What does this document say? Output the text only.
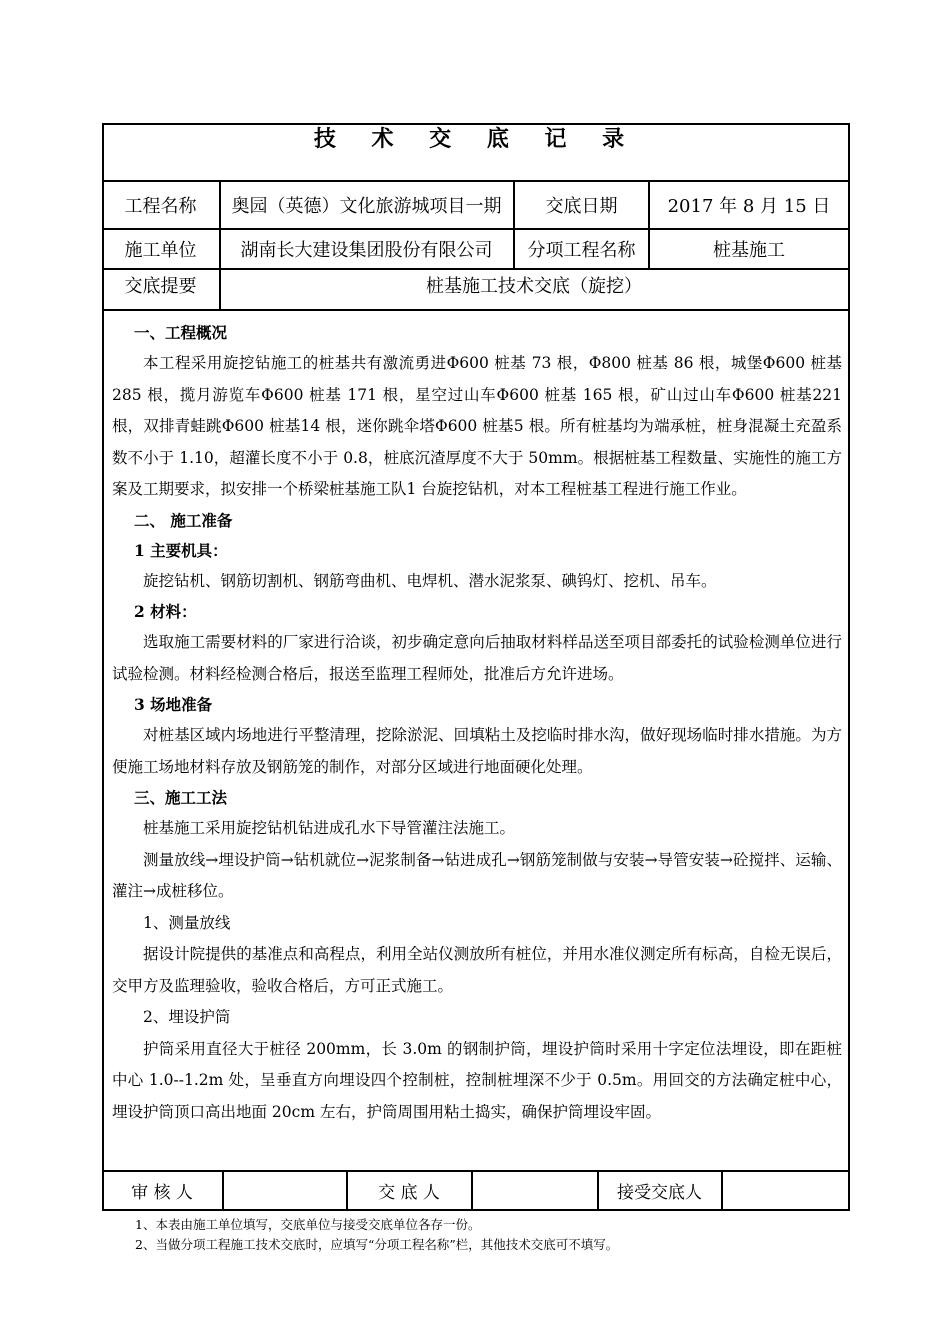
技 术 交 底 记 录
工程名称	奥园（英德）文化旅游城项目一期	交底日期	2017 年 8 月 15 日
施工单位	湖南长大建设集团股份有限公司	分项工程名称	桩基施工
交底提要	桩基施工技术交底（旋挖）

一、工程概况

本工程采用旋挖钻施工的桩基共有激流勇进Φ600 桩基 73 根，Φ800 桩基 86 根，城堡Φ600 桩基 285 根，揽月游览车Φ600 桩基 171 根，星空过山车Φ600 桩基 165 根，矿山过山车Φ600 桩基221 根，双排青蛙跳Φ600 桩基14 根，迷你跳伞塔Φ600 桩基5 根。所有桩基均为端承桩，桩身混凝土充盈系数不小于 1.10，超灌长度不小于 0.8，桩底沉渣厚度不大于 50mm。根据桩基工程数量、实施性的施工方案及工期要求，拟安排一个桥梁桩基施工队1 台旋挖钻机，对本工程桩基工程进行施工作业。

二、 施工准备

1 主要机具：

旋挖钻机、钢筋切割机、钢筋弯曲机、电焊机、潜水泥浆泵、碘钨灯、挖机、吊车。

2 材料：

选取施工需要材料的厂家进行洽谈，初步确定意向后抽取材料样品送至项目部委托的试验检测单位进行试验检测。材料经检测合格后，报送至监理工程师处，批准后方允许进场。

3 场地准备

对桩基区域内场地进行平整清理，挖除淤泥、回填粘土及挖临时排水沟，做好现场临时排水措施。为方便施工场地材料存放及钢筋笼的制作，对部分区域进行地面硬化处理。

三、施工工法

桩基施工采用旋挖钻机钻进成孔水下导管灌注法施工。

测量放线→埋设护筒→钻机就位→泥浆制备→钻进成孔→钢筋笼制做与安装→导管安装→砼搅拌、运输、灌注→成桩移位。

1、测量放线

据设计院提供的基准点和高程点，利用全站仪测放所有桩位，并用水准仪测定所有标高，自检无误后，交甲方及监理验收，验收合格后，方可正式施工。

2、埋设护筒

护筒采用直径大于桩径 200mm，长 3.0m 的钢制护筒，埋设护筒时采用十字定位法埋设，即在距桩中心 1.0--1.2m 处，呈垂直方向埋设四个控制桩，控制桩埋深不少于 0.5m。用回交的方法确定桩中心，埋设护筒顶口高出地面 20cm 左右，护筒周围用粘土捣实，确保护筒埋设牢固。

审 核 人	交 底 人	接受交底人
1、本表由施工单位填写，交底单位与接受交底单位各存一份。
2、当做分项工程施工技术交底时，应填写“分项工程名称”栏，其他技术交底可不填写。
